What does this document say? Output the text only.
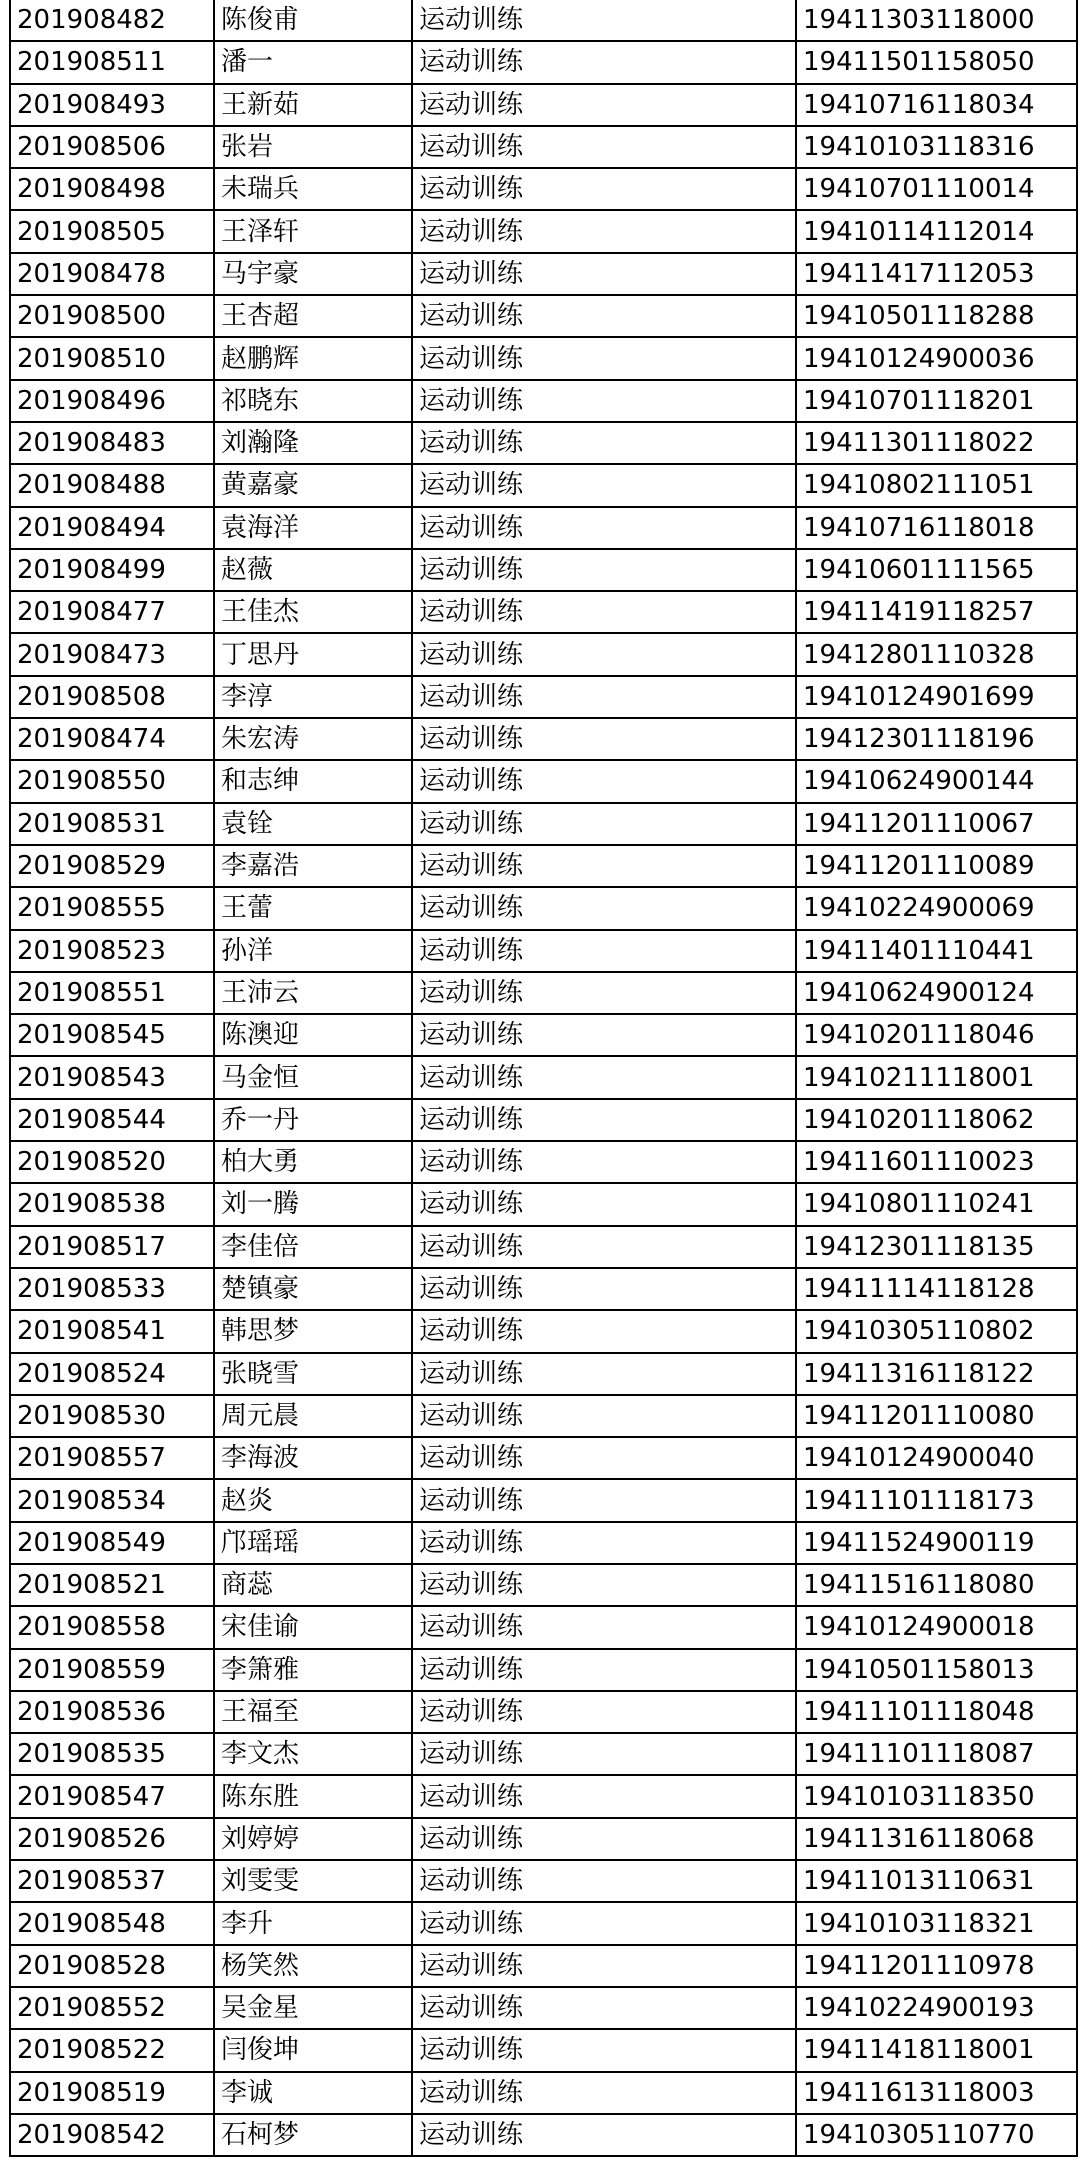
201908482	陈俊甫	运动训练	19411303118000
201908511	潘一	运动训练	19411501158050
201908493	王新茹	运动训练	19410716118034
201908506	张岩	运动训练	19410103118316
201908498	未瑞兵	运动训练	19410701110014
201908505	王泽轩	运动训练	19410114112014
201908478	马宇豪	运动训练	19411417112053
201908500	王杏超	运动训练	19410501118288
201908510	赵鹏辉	运动训练	19410124900036
201908496	祁晓东	运动训练	19410701118201
201908483	刘瀚隆	运动训练	19411301118022
201908488	黄嘉豪	运动训练	19410802111051
201908494	袁海洋	运动训练	19410716118018
201908499	赵薇	运动训练	19410601111565
201908477	王佳杰	运动训练	19411419118257
201908473	丁思丹	运动训练	19412801110328
201908508	李淳	运动训练	19410124901699
201908474	朱宏涛	运动训练	19412301118196
201908550	和志绅	运动训练	19410624900144
201908531	袁铨	运动训练	19411201110067
201908529	李嘉浩	运动训练	19411201110089
201908555	王蕾	运动训练	19410224900069
201908523	孙洋	运动训练	19411401110441
201908551	王沛云	运动训练	19410624900124
201908545	陈澳迎	运动训练	19410201118046
201908543	马金恒	运动训练	19410211118001
201908544	乔一丹	运动训练	19410201118062
201908520	柏大勇	运动训练	19411601110023
201908538	刘一腾	运动训练	19410801110241
201908517	李佳倍	运动训练	19412301118135
201908533	楚镇豪	运动训练	19411114118128
201908541	韩思梦	运动训练	19410305110802
201908524	张晓雪	运动训练	19411316118122
201908530	周元晨	运动训练	19411201110080
201908557	李海波	运动训练	19410124900040
201908534	赵炎	运动训练	19411101118173
201908549	邝瑶瑶	运动训练	19411524900119
201908521	商蕊	运动训练	19411516118080
201908558	宋佳谕	运动训练	19410124900018
201908559	李箫雅	运动训练	19410501158013
201908536	王福至	运动训练	19411101118048
201908535	李文杰	运动训练	19411101118087
201908547	陈东胜	运动训练	19410103118350
201908526	刘婷婷	运动训练	19411316118068
201908537	刘雯雯	运动训练	19411013110631
201908548	李升	运动训练	19410103118321
201908528	杨笑然	运动训练	19411201110978
201908552	吴金星	运动训练	19410224900193
201908522	闫俊坤	运动训练	19411418118001
201908519	李诚	运动训练	19411613118003
201908542	石柯梦	运动训练	19410305110770
